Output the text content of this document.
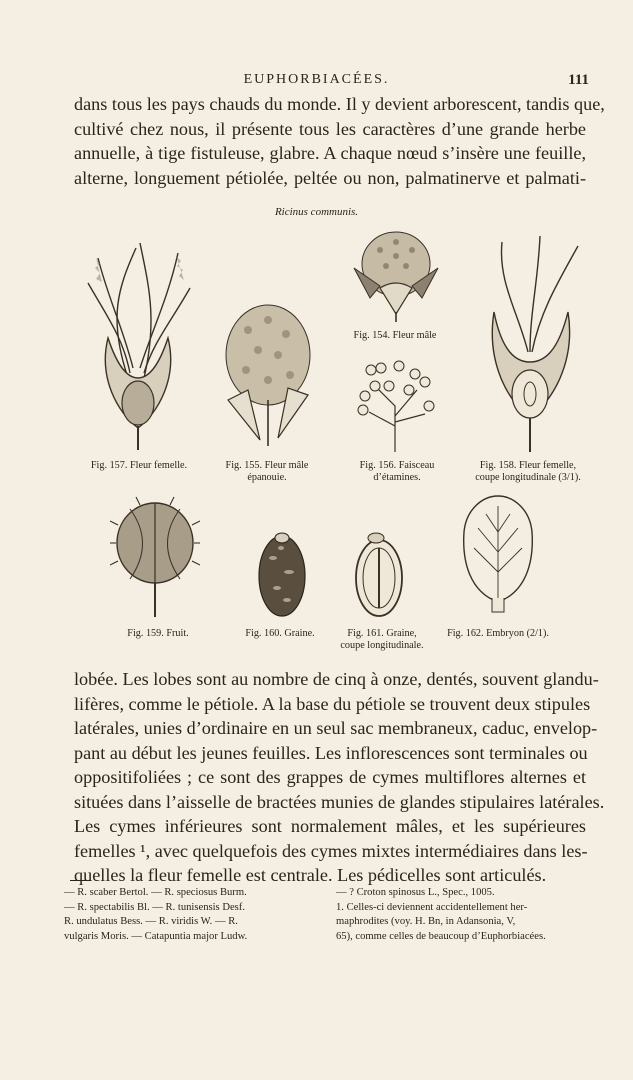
EUPHORBIACÉES.	111

dans tous les pays chauds du monde. Il y devient arborescent, tandis que,
cultivé chez nous, il présente tous les caractères d’une grande herbe
annuelle, à tige fistuleuse, glabre. A chaque nœud s’insère une feuille,
alterne, longuement pétiolée, peltée ou non, palmatinerve et palmati-

Ricinus communis.
Fig. 157. Fleur femelle.	Fig. 155. Fleur mâle
épanouie.
Fig. 154. Fleur mâle
Fig. 156. Faisceau
d’étamines.
Fig. 158. Fleur femelle,
coupe longitudinale (3/1).
Fig. 159. Fruit.	Fig. 160. Graine.	Fig. 161. Graine,
coupe longitudinale.
Fig. 162. Embryon (2/1).

lobée. Les lobes sont au nombre de cinq à onze, dentés, souvent glandu-
lifères, comme le pétiole. A la base du pétiole se trouvent deux stipules
latérales, unies d’ordinaire en un seul sac membraneux, caduc, envelop-
pant au début les jeunes feuilles. Les inflorescences sont terminales ou
oppositifoliées ; ce sont des grappes de cymes multiflores alternes et
situées dans l’aisselle de bractées munies de glandes stipulaires latérales.
Les cymes inférieures sont normalement mâles, et les supérieures
femelles ¹, avec quelquefois des cymes mixtes intermédiaires dans les-
quelles la fleur femelle est centrale. Les pédicelles sont articulés.

— R. scaber Bertol. — R. speciosus Burm.
— R. spectabilis Bl. — R. tunisensis Desf.
R. undulatus Bess. — R. viridis W. — R.
vulgaris Moris. — Catapuntia major Ludw.

— ? Croton spinosus L., Spec., 1005.
1. Celles-ci deviennent accidentellement her-
maphrodites (voy. H. Bn, in Adansonia, V,
65), comme celles de beaucoup d’Euphorbiacées.
